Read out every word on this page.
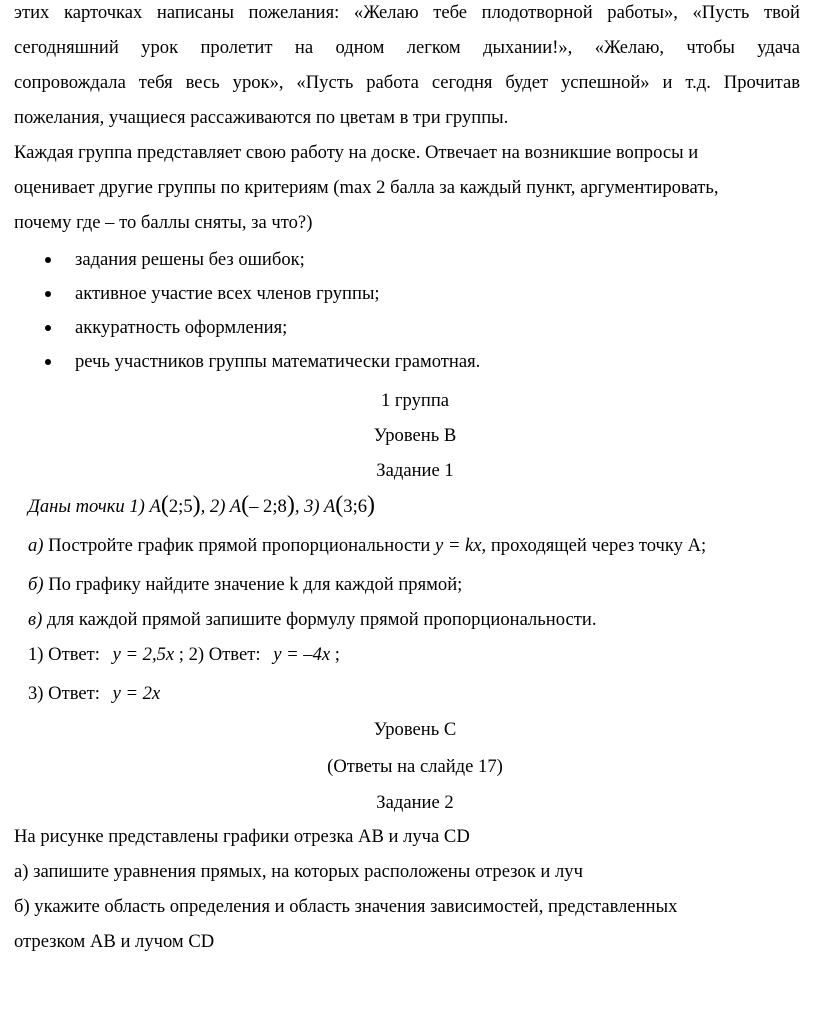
этих карточках написаны пожелания: «Желаю тебе плодотворной работы», «Пусть твой

сегодняшний урок пролетит на одном легком дыхании!», «Желаю, чтобы удача

сопровождала тебя весь урок», «Пусть работа сегодня будет успешной» и т.д. Прочитав

пожелания, учащиеся рассаживаются по цветам в три группы.

Каждая группа представляет свою работу на доске. Отвечает на возникшие вопросы и

оценивает другие группы по критериям (max 2 балла за каждый пункт, аргументировать,

почему где – то баллы сняты, за что?)

задания решены без ошибок;
активное участие всех членов группы;
аккуратность оформления;
речь участников группы математически грамотная.

1 группа

Уровень В

Задание 1

Даны точки 1) A(2;5), 2) A(– 2;8), 3) A(3;6)

а) Постройте график прямой пропорциональности y = kx, проходящей через точку А;

б) По графику найдите значение k для каждой прямой;

в) для каждой прямой запишите формулу прямой пропорциональности.

1) Ответ: y = 2,5x ; 2) Ответ: y = –4x ;

3) Ответ: y = 2x

Уровень С

(Ответы на слайде 17)

Задание 2

На рисунке представлены графики отрезка АВ и луча CD

а) запишите уравнения прямых, на которых расположены отрезок и луч

б) укажите область определения и область значения зависимостей, представленных

отрезком АВ и лучом CD
